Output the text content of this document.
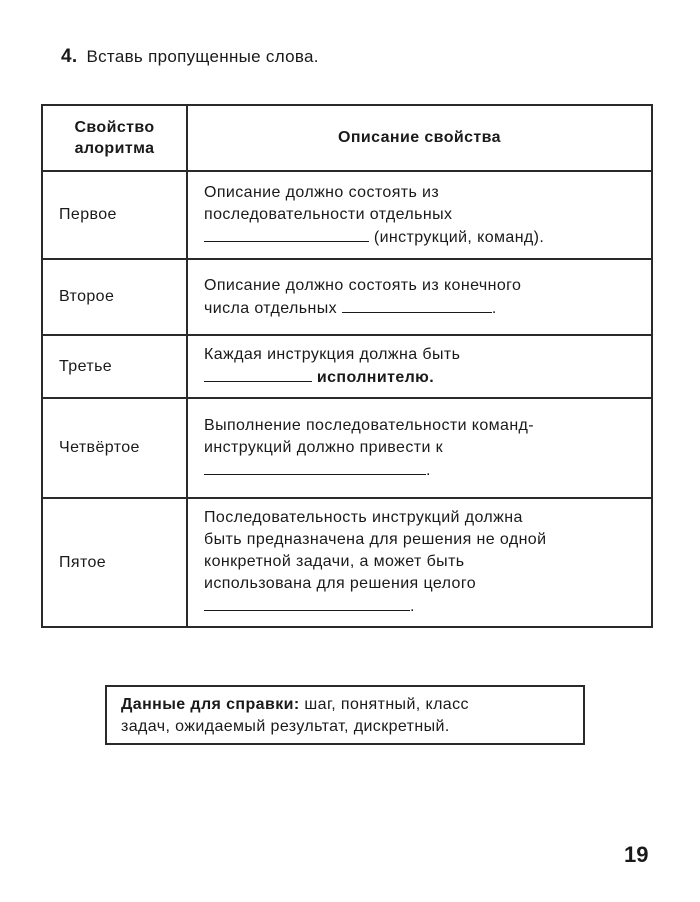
4. Вставь пропущенные слова.
Свойство
алоритма	Описание свойства
Первое	Описание должно состоять из
последовательности отдельных
(инструкций, команд).
Второе	Описание должно состоять из конечного
числа отдельных .
Третье	Каждая инструкция должна быть
исполнителю.
Четвёртое	Выполнение последовательности команд-
инструкций должно привести к
.
Пятое	Последовательность инструкций должна
быть предназначена для решения не одной
конкретной задачи, а может быть
использована для решения целого
.
Данные для справки: шаг, понятный, класс
задач, ожидаемый результат, дискретный.
19
